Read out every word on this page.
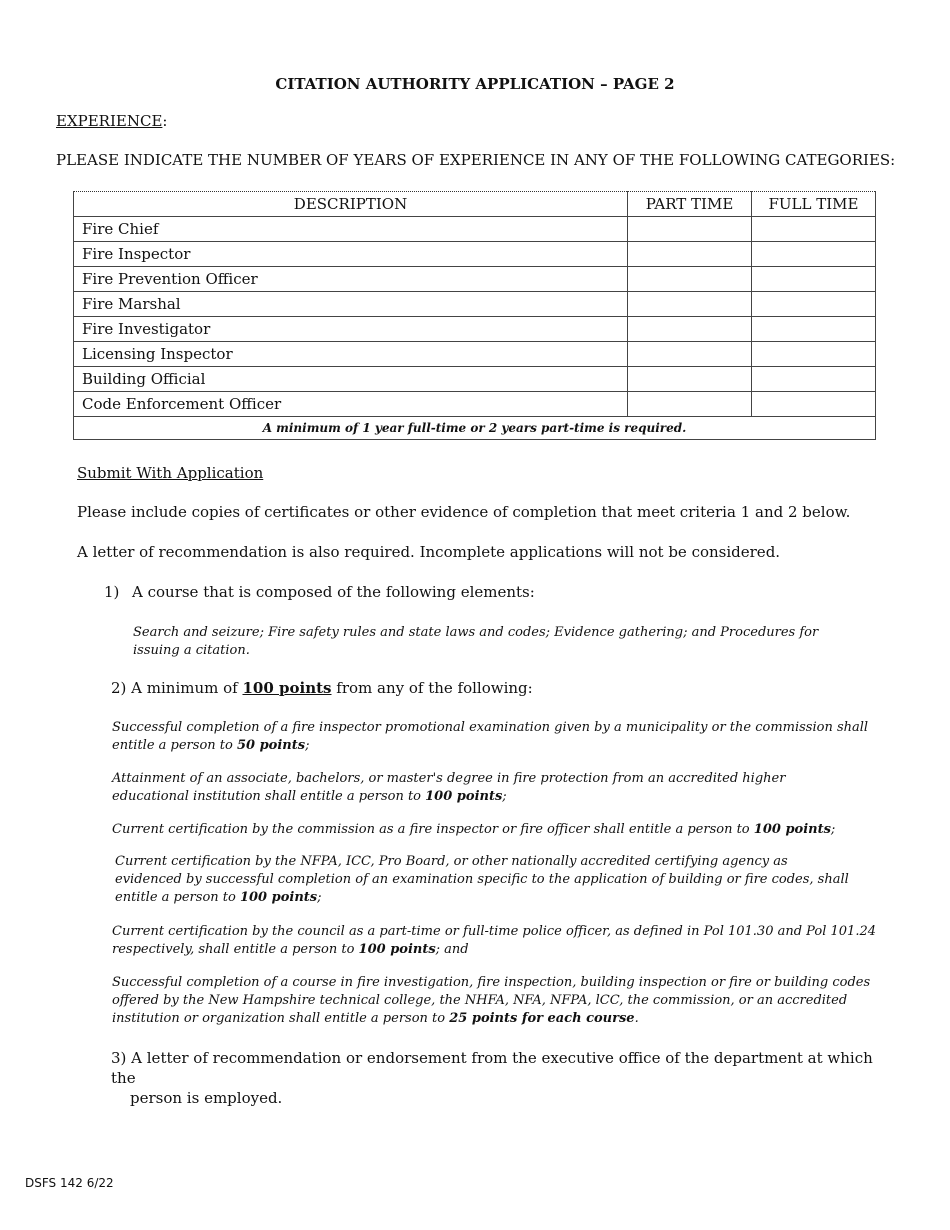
CITATION AUTHORITY APPLICATION – PAGE 2
EXPERIENCE:
PLEASE INDICATE THE NUMBER OF YEARS OF EXPERIENCE IN ANY OF THE FOLLOWING CATEGORIES:
DESCRIPTION	PART TIME	FULL TIME
Fire Chief		
Fire Inspector		
Fire Prevention Officer		
Fire Marshal		
Fire Investigator		
Licensing Inspector		
Building Official		
Code Enforcement Officer		
A minimum of 1 year full-time or 2 years part-time is required.		
Submit With Application
Please include copies of certificates or other evidence of completion that meet criteria 1 and 2 below.
A letter of recommendation is also required. Incomplete applications will not be considered.
1) A course that is composed of the following elements:
Search and seizure; Fire safety rules and state laws and codes; Evidence gathering; and Procedures for issuing a citation.
2) A minimum of 100 points from any of the following:
Successful completion of a fire inspector promotional examination given by a municipality or the commission shall entitle a person to 50 points;
Attainment of an associate, bachelors, or master's degree in fire protection from an accredited higher educational institution shall entitle a person to 100 points;
Current certification by the commission as a fire inspector or fire officer shall entitle a person to 100 points;
Current certification by the NFPA, ICC, Pro Board, or other nationally accredited certifying agency as evidenced by successful completion of an examination specific to the application of building or fire codes, shall entitle a person to 100 points;
Current certification by the council as a part-time or full-time police officer, as defined in Pol 101.30 and Pol 101.24 respectively, shall entitle a person to 100 points; and
Successful completion of a course in fire investigation, fire inspection, building inspection or fire or building codes offered by the New Hampshire technical college, the NHFA, NFA, NFPA, lCC, the commission, or an accredited institution or organization shall entitle a person to 25 points for each course.
3) A letter of recommendation or endorsement from the executive office of the department at which the
person is employed.
DSFS 142 6/22
